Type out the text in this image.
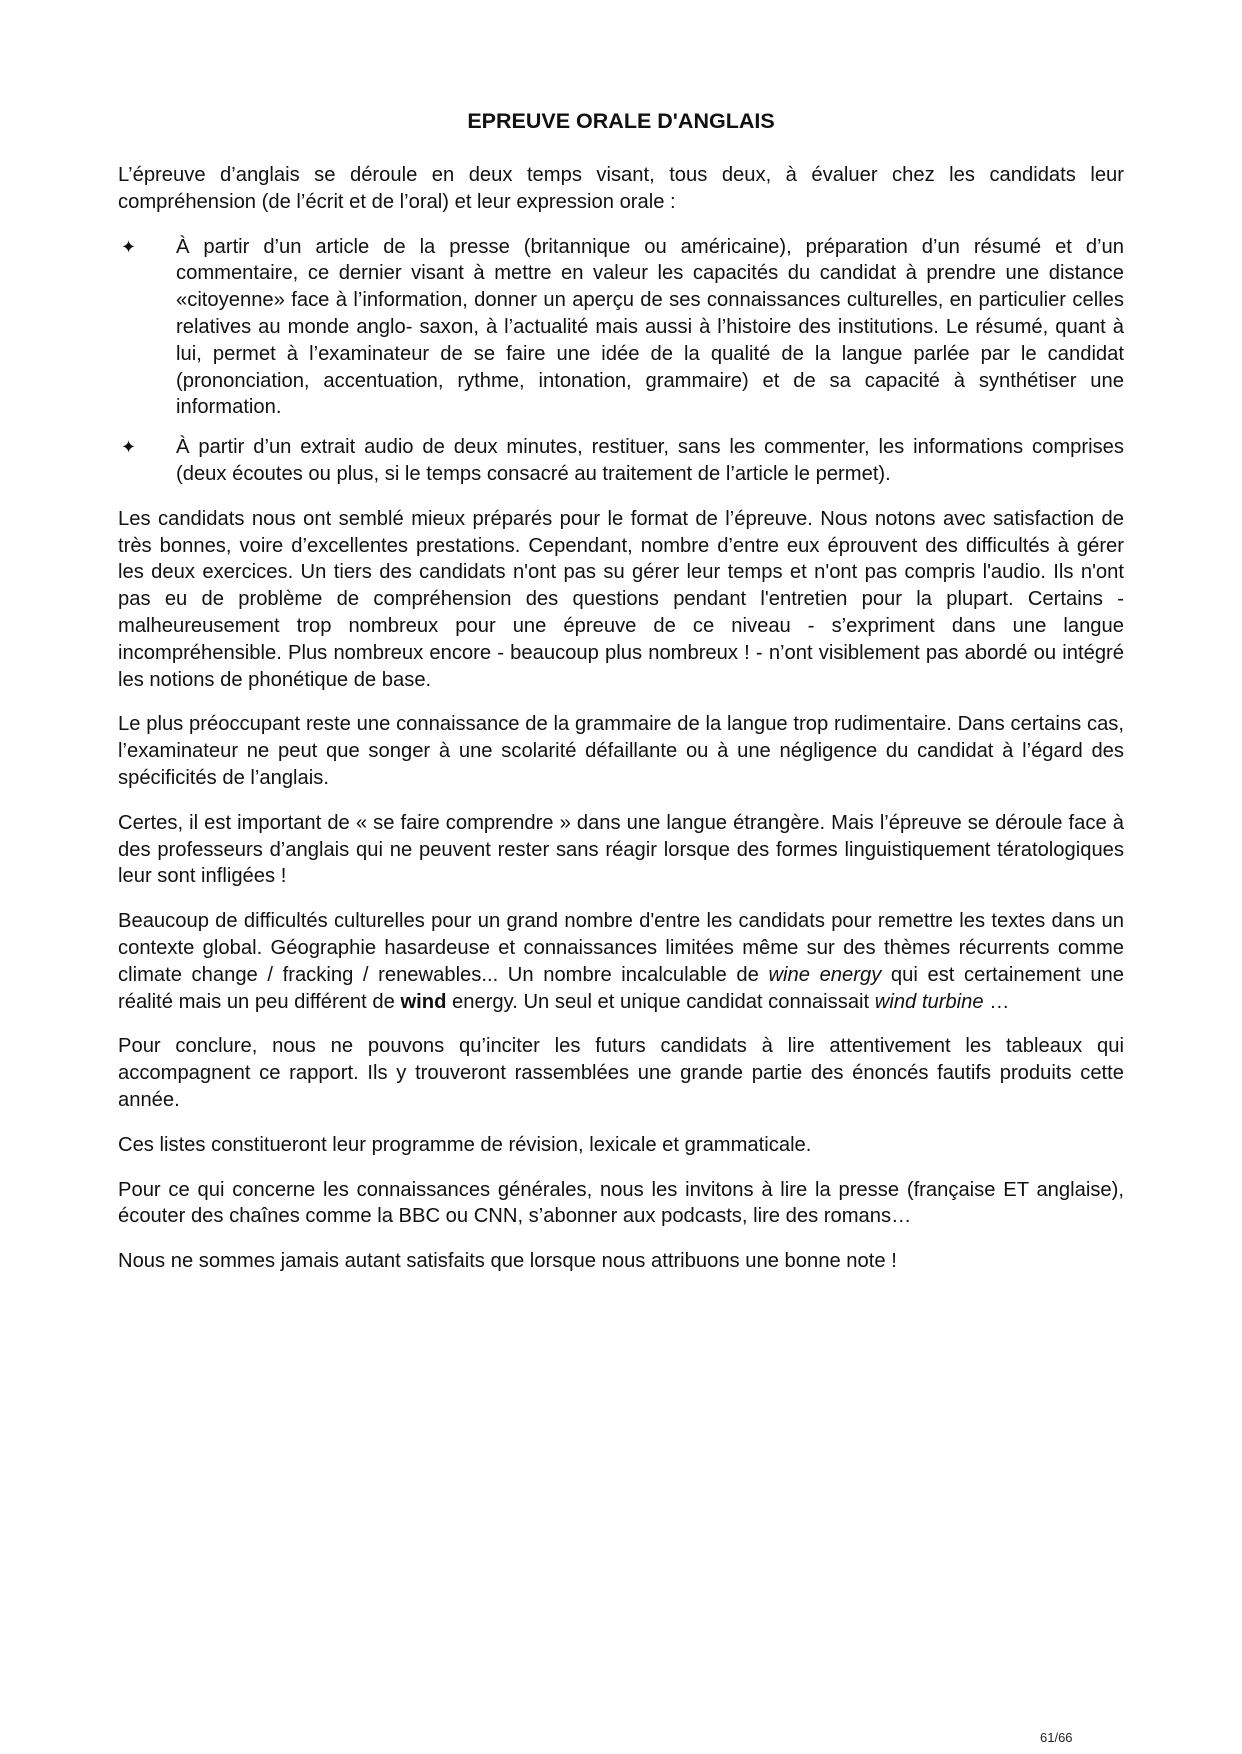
EPREUVE ORALE D'ANGLAIS

L’épreuve d’anglais se déroule en deux temps visant, tous deux, à évaluer chez les candidats leur compréhension (de l’écrit et de l’oral) et leur expression orale :

✦ À partir d’un article de la presse (britannique ou américaine), préparation d’un résumé et d’un commentaire, ce dernier visant à mettre en valeur les capacités du candidat à prendre une distance «citoyenne» face à l’information, donner un aperçu de ses connaissances culturelles, en particulier celles relatives au monde anglo- saxon, à l’actualité mais aussi à l’histoire des institutions. Le résumé, quant à lui, permet à l’examinateur de se faire une idée de la qualité de la langue parlée par le candidat (prononciation, accentuation, rythme, intonation, grammaire) et de sa capacité à synthétiser une information.
✦ À partir d’un extrait audio de deux minutes, restituer, sans les commenter, les informations comprises (deux écoutes ou plus, si le temps consacré au traitement de l’article le permet).

Les candidats nous ont semblé mieux préparés pour le format de l’épreuve. Nous notons avec satisfaction de très bonnes, voire d’excellentes prestations. Cependant, nombre d’entre eux éprouvent des difficultés à gérer les deux exercices. Un tiers des candidats n'ont pas su gérer leur temps et n'ont pas compris l'audio. Ils n'ont pas eu de problème de compréhension des questions pendant l'entretien pour la plupart. Certains - malheureusement trop nombreux pour une épreuve de ce niveau - s’expriment dans une langue incompréhensible. Plus nombreux encore - beaucoup plus nombreux ! - n’ont visiblement pas abordé ou intégré les notions de phonétique de base.

Le plus préoccupant reste une connaissance de la grammaire de la langue trop rudimentaire. Dans certains cas, l’examinateur ne peut que songer à une scolarité défaillante ou à une négligence du candidat à l’égard des spécificités de l’anglais.

Certes, il est important de « se faire comprendre » dans une langue étrangère. Mais l’épreuve se déroule face à des professeurs d’anglais qui ne peuvent rester sans réagir lorsque des formes linguistiquement tératologiques leur sont infligées !

Beaucoup de difficultés culturelles pour un grand nombre d'entre les candidats pour remettre les textes dans un contexte global. Géographie hasardeuse et connaissances limitées même sur des thèmes récurrents comme climate change / fracking / renewables... Un nombre incalculable de wine energy qui est certainement une réalité mais un peu différent de wind energy. Un seul et unique candidat connaissait wind turbine …

Pour conclure, nous ne pouvons qu’inciter les futurs candidats à lire attentivement les tableaux qui accompagnent ce rapport. Ils y trouveront rassemblées une grande partie des énoncés fautifs produits cette année.

Ces listes constitueront leur programme de révision, lexicale et grammaticale.

Pour ce qui concerne les connaissances générales, nous les invitons à lire la presse (française ET anglaise), écouter des chaînes comme la BBC ou CNN, s’abonner aux podcasts, lire des romans…

Nous ne sommes jamais autant satisfaits que lorsque nous attribuons une bonne note !

61/66
